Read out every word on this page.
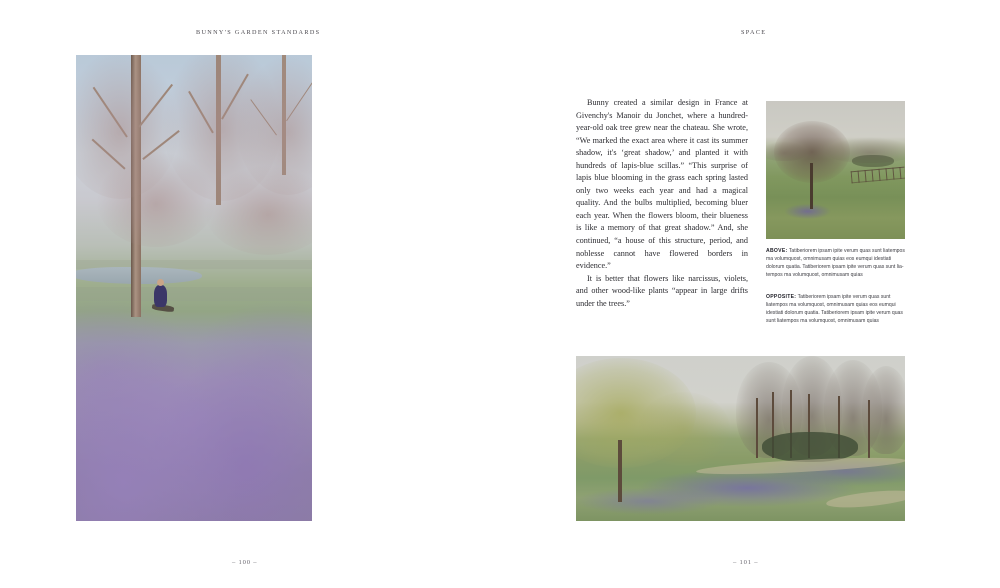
BUNNY'S GARDEN STANDARDS	SPACE
– 100 –

Bunny created a similar design in France at Givenchy's Manoir du Jonchet, where a hundred-year-old oak tree grew near the chateau. She wrote, “We marked the exact area where it cast its summer shadow, it's ‘great shadow,’ and planted it with hundreds of lapis-blue scillas.” “This surprise of lapis blue blooming in the grass each spring lasted only two weeks each year and had a magical quality. And the bulbs multiplied, becoming bluer each year. When the flowers bloom, their blueness is like a memory of that great shadow.” And, she continued, “a house of this structure, period, and noblesse cannot have flowered borders in evidence.”

It is better that flowers like narcissus, violets, and other wood-like plants “appear in large drifts under the trees.”

ABOVE: Tatiberiorem ipsam ipite verum quas sunt liatempos ma volumquost, omnimusam quias eos eumqui idestiati dolorum quatia. Tatiberiorem ipsam ipite verum quas sunt liatempos ma volumquost, omnimusam quias

OPPOSITE: Tatiberiorem ipsam ipite verum quas sunt liatempos ma volumquost, omnimusam quias eos eumqui idestiati dolorum quatia. Tatiberiorem ipsam ipite verum quas sunt liatempos ma volumquost, omnimusam quias

– 101 –
